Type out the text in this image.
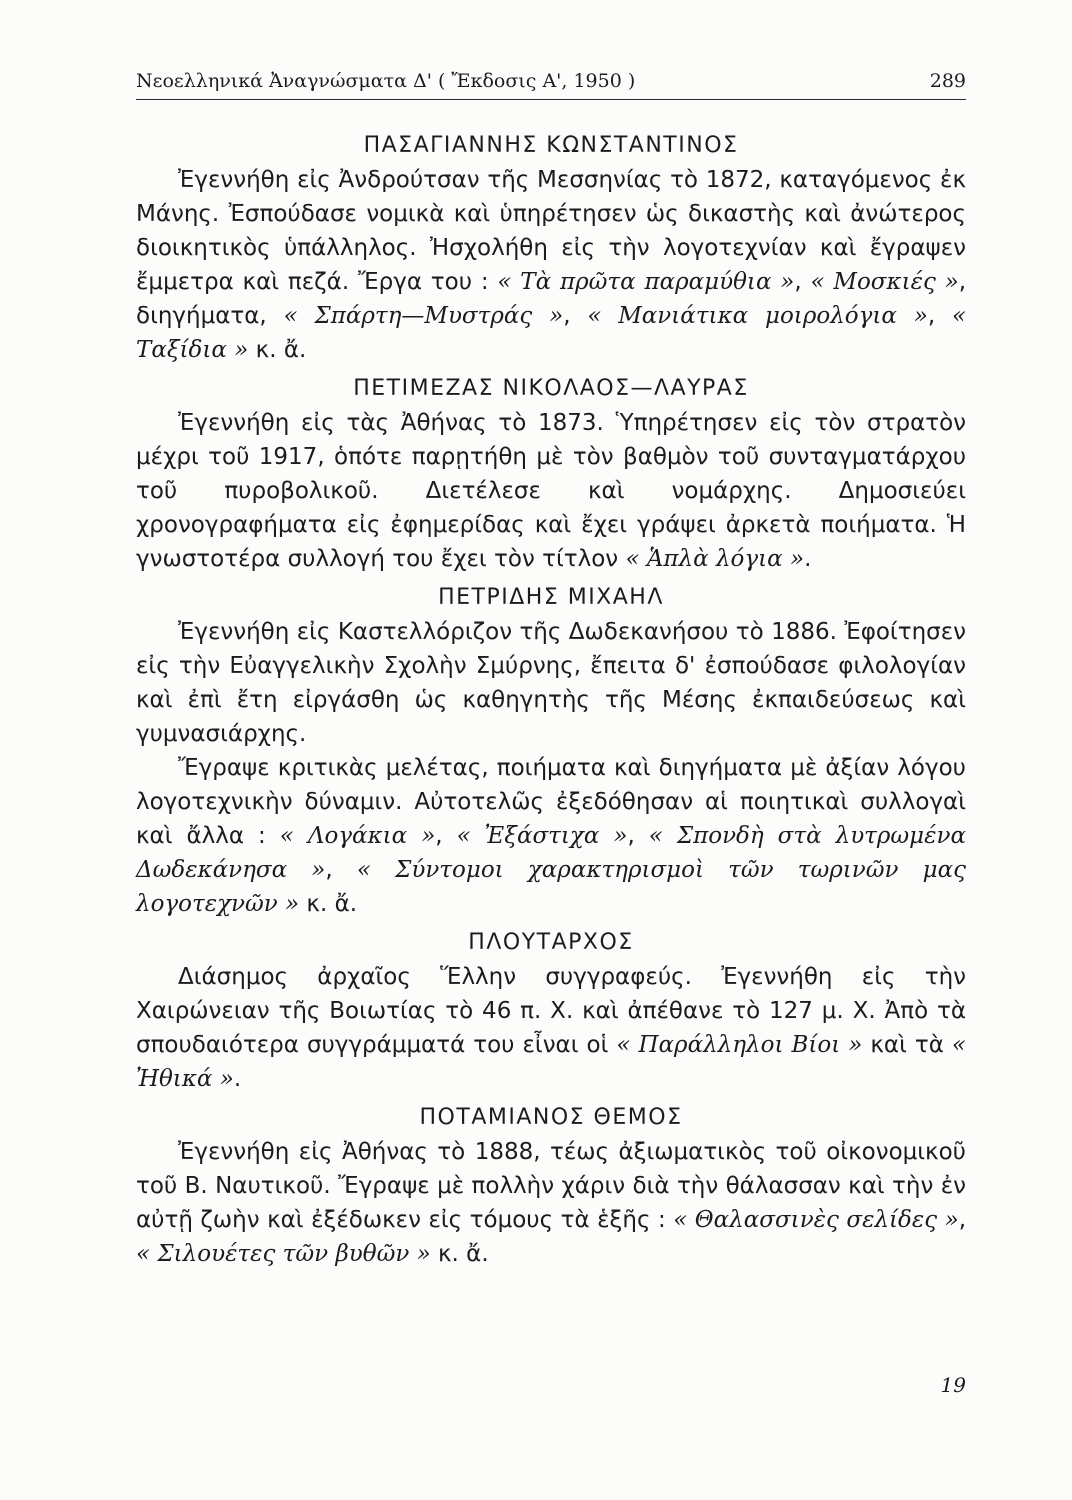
Νεοελληνικά Ἀναγνώσματα Δ' ( Ἔκδοσις Α', 1950 )	289
ΠΑΣΑΓΙΑΝΝΗΣ ΚΩΝΣΤΑΝΤΙΝΟΣ

Ἐγεννήθη εἰς Ἀνδρούτσαν τῆς Μεσσηνίας τὸ 1872, καταγόμενος ἐκ Μάνης. Ἐσπούδασε νομικὰ καὶ ὑπηρέτησεν ὡς δικαστὴς καὶ ἀνώτερος διοικητικὸς ὑπάλληλος. Ἠσχολήθη εἰς τὴν λογοτεχνίαν καὶ ἔγραψεν ἔμμετρα καὶ πεζά. Ἔργα του : « Τὰ πρῶτα παραμύθια », « Μοσκιές », διηγήματα, « Σπάρτη—Μυστράς », « Μανιάτικα μοιρολόγια », « Ταξίδια » κ. ἄ.

ΠΕΤΙΜΕΖΑΣ ΝΙΚΟΛΑΟΣ—ΛΑΥΡΑΣ

Ἐγεννήθη εἰς τὰς Ἀθήνας τὸ 1873. Ὑπηρέτησεν εἰς τὸν στρατὸν μέχρι τοῦ 1917, ὁπότε παρῃτήθη μὲ τὸν βαθμὸν τοῦ συνταγματάρχου τοῦ πυροβολικοῦ. Διετέλεσε καὶ νομάρχης. Δημοσιεύει χρονογραφήματα εἰς ἐφημερίδας καὶ ἔχει γράψει ἀρκετὰ ποιήματα. Ἡ γνωστοτέρα συλλογή του ἔχει τὸν τίτλον « Ἁπλὰ λόγια ».

ΠΕΤΡΙΔΗΣ ΜΙΧΑΗΛ

Ἐγεννήθη εἰς Καστελλόριζον τῆς Δωδεκανήσου τὸ 1886. Ἐφοίτησεν εἰς τὴν Εὐαγγελικὴν Σχολὴν Σμύρνης, ἔπειτα δ' ἐσπούδασε φιλολογίαν καὶ ἐπὶ ἔτη εἰργάσθη ὡς καθηγητὴς τῆς Μέσης ἐκπαιδεύσεως καὶ γυμνασιάρχης.

Ἔγραψε κριτικὰς μελέτας, ποιήματα καὶ διηγήματα μὲ ἀξίαν λόγου λογοτεχνικὴν δύναμιν. Αὐτοτελῶς ἐξεδόθησαν αἱ ποιητικαὶ συλλογαὶ καὶ ἄλλα : « Λογάκια », « Ἐξάστιχα », « Σπονδὴ στὰ λυτρωμένα Δωδεκάνησα », « Σύντομοι χαρακτηρισμοὶ τῶν τωρινῶν μας λογοτεχνῶν » κ. ἄ.

ΠΛΟΥΤΑΡΧΟΣ

Διάσημος ἀρχαῖος Ἕλλην συγγραφεύς. Ἐγεννήθη εἰς τὴν Χαιρώνειαν τῆς Βοιωτίας τὸ 46 π. Χ. καὶ ἀπέθανε τὸ 127 μ. Χ. Ἀπὸ τὰ σπουδαιότερα συγγράμματά του εἶναι οἱ « Παράλληλοι Βίοι » καὶ τὰ « Ἠθικά ».

ΠΟΤΑΜΙΑΝΟΣ ΘΕΜΟΣ

Ἐγεννήθη εἰς Ἀθήνας τὸ 1888, τέως ἀξιωματικὸς τοῦ οἰκονομικοῦ τοῦ Β. Ναυτικοῦ. Ἔγραψε μὲ πολλὴν χάριν διὰ τὴν θάλασσαν καὶ τὴν ἐν αὐτῇ ζωὴν καὶ ἐξέδωκεν εἰς τόμους τὰ ἑξῆς : « Θαλασσινὲς σελίδες », « Σιλουέτες τῶν βυθῶν » κ. ἄ.

19
